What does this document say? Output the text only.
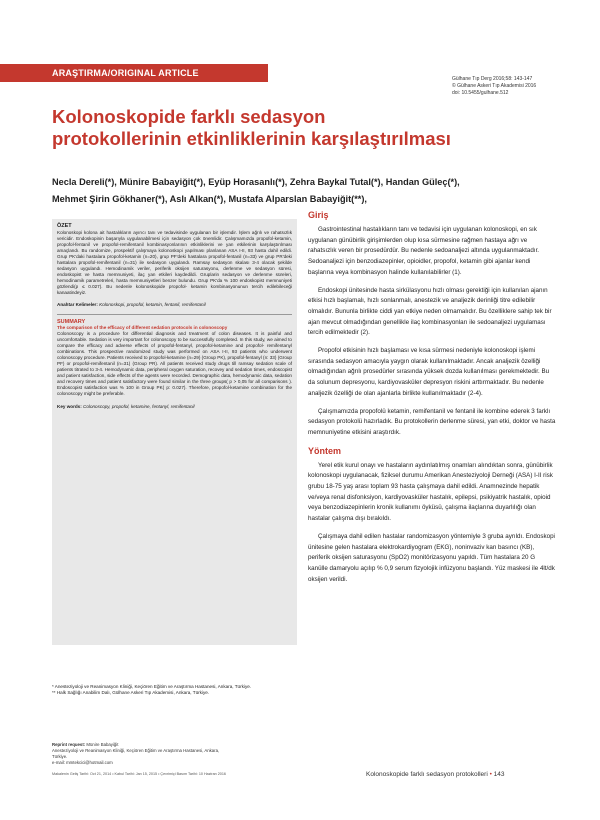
ARAŞTIRMA/ORIGINAL ARTICLE
Gülhane Tıp Derg 2016;58: 143-147
© Gülhane Askeri Tıp Akademisi 2016
doi: 10.5455/gulhane.512
Kolonoskopide farklı sedasyon protokollerinin etkinliklerinin karşılaştırılması
Necla Dereli(*), Münire Babayiğit(*), Eyüp Horasanlı(*), Zehra Baykal Tutal(*), Handan Güleç(*),
Mehmet Şirin Gökhaner(*), Aslı Alkan(*), Mustafa Alparslan Babayiğit(**),

ÖZET

Kolonoskopi kolona ait hastalıkların ayırıcı tanı ve tedavisinde uygulanan bir işlemdir. İşlem ağrılı ve rahatsızlık vericidir. Endoskopinin başarıyla uygulanabilmesi için sedasyon çok önemlidir. Çalışmamızda propofol-ketamin, propofol-fentanil ve propofol-remifentanil kombinasyonlarının etkinliklerini ve yan etkilerinin karşılaştırılması amaçlandı. Bu randomize, prospektif çalışmaya kolonoskopi yapılması planlanan ASA I-II, 93 hasta dahil edildi. Grup PK'daki hastalara propofol-ketamin (n=20), grup PF'deki hastalara propofol-fentanil (n=33) ve grup PR'deki hastalara propofol-remifentanil (n=31) ile sedasyon uygulandı. Ramsay sedasyon skalası 3-4 olacak şekilde sedasyon uygulandı. Hemodinamik veriler, periferik oksijen saturasyonu, derlenme ve sedasyon süresi, endoskopist ve hasta memnuniyeti, ilaç yan etkileri kaydedildi. Gruplarin sedasyon ve derlenme süreleri, hemodinamik parametreleri, hasta memnuniyetleri benzer bulundu. Grup PK'da % 100 endoskopist memnuniyeti gözlendi(p ≤ 0.027). Bu nedenle kolonoskopide propofol- ketamin kombinasyonunun tercih edilebileceği kanaatindeyiz.

Anahtar Kelimeler: Kolonoskopi, propofol, ketamin, fentanil, remifentanil

SUMMARY

The comparison of the efficacy of different sedation protocols in colonoscopy

Colonoscopy is a procedure for differential diagnosis and treatment of colon diseases. It is painful and uncomfortable. Sedation is very important for colonoscopy to be successfully completed. In this study, we aimed to compare the efficacy and adverse effects of propofol-fentanyl, propofol-ketamine and propofol- remifentanyl combinations. This prospective randomized study was performed on ASA I-II, 93 patients who underwent colonoscopy procedure. Patients received to propofol-ketamine (n=29) (Group PK), propofol-fentanyl (n: 33) (Group PF) or propofol-remifentanil (n=31) (Group PR). All patients received study drugs till ramsay sedation scale of patients titrated to 3-4. Hemodynamic data, peripheral oxygen saturation, recovey and sedation times, endoscopist and patient satisfaction, side effects of the agents were recorded. Demographic data, hemodynamic data, sedation and recovery times and patient satisfactory were found similar in the three groups( p > 0,05 for all comparisons ). Endoscopist satisfaction was % 100 in Group PK( p: 0.027). Therefore, propofol-ketamine combination for the colonoscopy might be preferable.

Key words: Colonoscopy, propofol, ketamine, fentanyl, remifentanil

Giriş

Gastrointestinal hastalıkların tanı ve tedavisi için uygulanan kolonoskopi, en sık uygulanan günübirlik girişimlerden olup kısa sürmesine rağmen hastaya ağrı ve rahatsızlık veren bir prosedürdür. Bu nedenle sedoanaljezi altında uygulanmaktadır. Sedoanaljezi için benzodiazepinler, opioidler, propofol, ketamin gibi ajanlar kendi başlarına veya kombinasyon halinde kullanılabilirler (1).

Endoskopi ünitesinde hasta sirkülasyonu hızlı olması gerektiği için kullanılan ajanın etkisi hızlı başlamalı, hızlı sonlanmalı, anestezik ve analjezik derinliği titre edilebilir olmalıdır. Bununla birlikte ciddi yan etkiye neden olmamalıdır. Bu özelliklere sahip tek bir ajan mevcut olmadığından genellikle ilaç kombinasyonları ile sedoanaljezi uygulaması tercih edilmektedir (2).

Propofol etkisinin hızlı başlaması ve kısa sürmesi nedeniyle kolonoskopi işlemi sırasında sedasyon amacıyla yaygın olarak kullanılmaktadır. Ancak analjezik özelliği olmadığından ağrılı prosedürler sırasında yüksek dozda kullanılması gerekmektedir. Bu da solunum depresyonu, kardiyovasküler depresyon riskini arttırmaktadır. Bu nedenle analjezik özelliği de olan ajanlarla birlikte kullanılmaktadır (2-4).

Çalışmamızda propofolü ketamin, remifentanil ve fentanil ile kombine ederek 3 farklı sedasyon protokolü hazırladık. Bu protokollerin derlenme süresi, yan etki, doktor ve hasta memnuniyetine etkisini araştırdık.

Yöntem

Yerel etik kurul onayı ve hastaların aydınlatılmış onamları alındıktan sonra, günübirlik kolonoskopi uygulanacak, fiziksel durumu Amerikan Anesteziyoloji Derneği (ASA) I-II risk grubu 18-75 yaş arası toplam 93 hasta çalışmaya dahil edildi. Anamnezinde hepatik ve/veya renal disfonksiyon, kardiyovasküler hastalık, epilepsi, psikiyatrik hastalık, opioid veya benzodiazepinlerin kronik kullanımı öyküsü, çalışma ilaçlarına duyarlılığı olan hastalar çalışma dışı bırakıldı.

Çalışmaya dahil edilen hastalar randomizasyon yöntemiyle 3 gruba ayrıldı. Endoskopi ünitesine gelen hastalara elektrokardiyogram (EKG), noninvaziv kan basıncı (KB), periferik oksijen saturasyonu (SpO2) monitörizasyonu yapıldı. Tüm hastalara 20 G kanülle damaryolu açılıp % 0,9 serum fizyolojik infüzyonu başlandı. Yüz maskesi ile 4lt/dk oksijen verildi.

* Anesteziyoloji ve Reanimasyon Kliniği, Keçiören Eğitim ve Araştırma Hastanesi, Ankara, Türkiye.
** Halk Sağlığı Anabilim Dalı, Gülhane Askeri Tıp Akademisi, Ankara, Türkiye.
Reprint request: Münire Babayiğit
Anesteziyoloji ve Reanimasyon Kliniği, Keçiören Eğitim ve Araştırma Hastanesi, Ankara,
Türkiye.
e-mail: mmtekcici@hotmail.com
Makalenin Geliş Tarihi: Oct 21, 2014 • Kabul Tarihi: Jan 15, 2015 • Çevrimiçi Basım Tarihi: 10 Haziran 2016	Kolonoskopide farklı sedasyon protokolleri • 143
